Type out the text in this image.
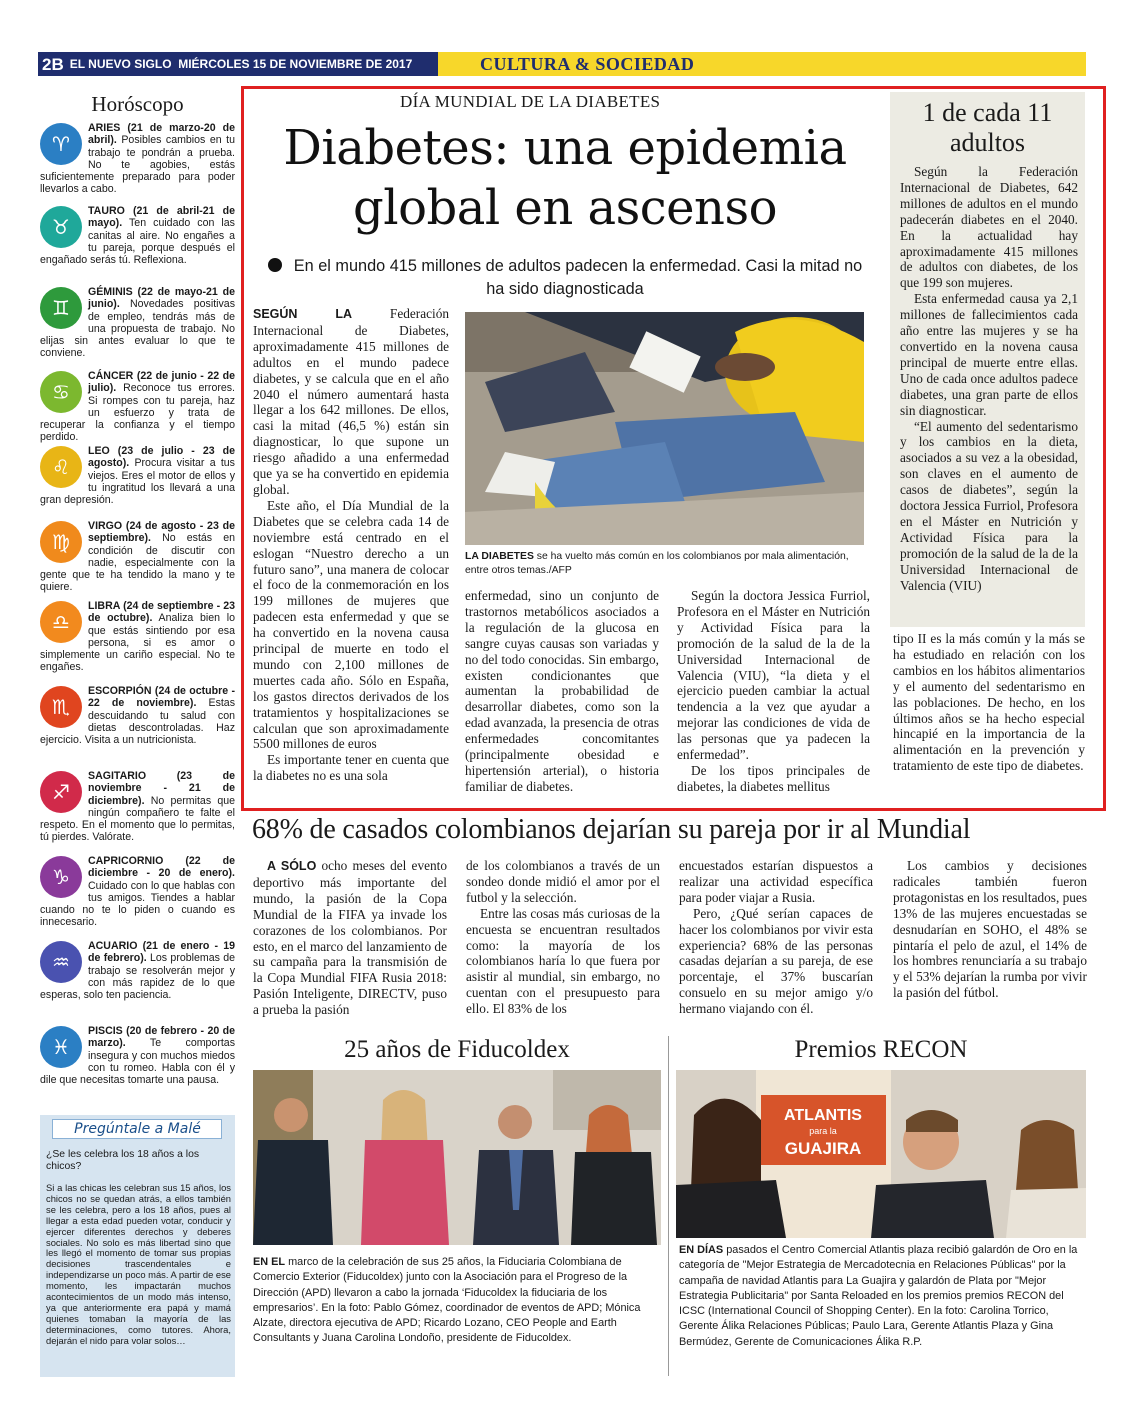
2B EL NUEVO SIGLO MIÉRCOLES 15 DE NOVIEMBRE DE 2017	CULTURA & SOCIEDAD
Horóscopo
♈
ARIES (21 de marzo-20 de abril). Posibles cambios en tu trabajo te pondrán a prueba. No te agobies, estás suficientemente preparado para poder llevarlos a cabo.
♉
TAURO (21 de abril-21 de mayo). Ten cuidado con las canitas al aire. No engañes a tu pareja, porque después el engañado serás tú. Reflexiona.
♊
GÉMINIS (22 de mayo-21 de junio). Novedades positivas de empleo, tendrás más de una propuesta de trabajo. No elijas sin antes evaluar lo que te conviene.
♋
CÁNCER (22 de junio - 22 de julio). Reconoce tus errores. Si rompes con tu pareja, haz un esfuerzo y trata de recuperar la confianza y el tiempo perdido.
♌
LEO (23 de julio - 23 de agosto). Procura visitar a tus viejos. Eres el motor de ellos y tu ingratitud los llevará a una gran depresión.
♍
VIRGO (24 de agosto - 23 de septiembre). No estás en condición de discutir con nadie, especialmente con la gente que te ha tendido la mano y te quiere.
♎
LIBRA (24 de septiembre - 23 de octubre). Analiza bien lo que estás sintiendo por esa persona, si es amor o simplemente un cariño especial. No te engañes.
♏
ESCORPIÓN (24 de octubre - 22 de noviembre). Estas descuidando tu salud con dietas descontroladas. Haz ejercicio. Visita a un nutricionista.
♐
SAGITARIO (23 de noviembre - 21 de diciembre). No permitas que ningún compañero te falte el respeto. En el momento que lo permitas, tú pierdes. Valórate.
♑
CAPRICORNIO (22 de diciembre - 20 de enero). Cuidado con lo que hablas con tus amigos. Tiendes a hablar cuando no te lo piden o cuando es innecesario.
♒
ACUARIO (21 de enero - 19 de febrero). Los problemas de trabajo se resolverán mejor y con más rapidez de lo que esperas, solo ten paciencia.
♓
PISCIS (20 de febrero - 20 de marzo). Te comportas insegura y con muchos miedos con tu romeo. Habla con él y dile que necesitas tomarte una pausa.
Pregúntale a Malé
¿Se les celebra los 18 años a los chicos?
Si a las chicas les celebran sus 15 años, los chicos no se quedan atrás, a ellos también se les celebra, pero a los 18 años, pues al llegar a esta edad pueden votar, conducir y ejercer diferentes derechos y deberes sociales. No solo es más libertad sino que les llegó el momento de tomar sus propias decisiones trascendentales e independizarse un poco más. A partir de ese momento, les impactarán muchos acontecimientos de un modo más intenso, ya que anteriormente era papá y mamá quienes tomaban la mayoría de las determinaciones, como tutores. Ahora, dejarán el nido para volar solos…
DÍA MUNDIAL DE LA DIABETES
Diabetes: una epidemia global en ascenso
En el mundo 415 millones de adultos padecen la enfermedad. Casi la mitad no ha sido diagnosticada

SEGÚN LA Federación Internacional de Diabetes, aproximadamente 415 millones de adultos en el mundo padece diabetes, y se calcula que en el año 2040 el número aumentará hasta llegar a los 642 millones. De ellos, casi la mitad (46,5 %) están sin diagnosticar, lo que supone un riesgo añadido a una enfermedad que ya se ha convertido en epidemia global.

Este año, el Día Mundial de la Diabetes que se celebra cada 14 de noviembre está centrado en el eslogan “Nuestro derecho a un futuro sano”, una manera de colocar el foco de la conmemoración en los 199 millones de mujeres que padecen esta enfermedad y que se ha convertido en la novena causa principal de muerte en todo el mundo con 2,100 millones de muertes cada año. Sólo en España, los gastos directos derivados de los tratamientos y hospitalizaciones se calculan que son aproximadamente 5500 millones de euros

Es importante tener en cuenta que la diabetes no es una sola

LA DIABETES se ha vuelto más común en los colombianos por mala alimentación, entre otros temas./AFP

enfermedad, sino un conjunto de trastornos metabólicos asociados a la regulación de la glucosa en sangre cuyas causas son variadas y no del todo conocidas. Sin embargo, existen condicionantes que aumentan la probabilidad de desarrollar diabetes, como son la edad avanzada, la presencia de otras enfermedades concomitantes (principalmente obesidad e hipertensión arterial), o historia familiar de diabetes.

Según la doctora Jessica Furriol, Profesora en el Máster en Nutrición y Actividad Física para la promoción de la salud de la de la Universidad Internacional de Valencia (VIU), “la dieta y el ejercicio pueden cambiar la actual tendencia a la vez que ayudar a mejorar las condiciones de vida de las personas que ya padecen la enfermedad”.

De los tipos principales de diabetes, la diabetes mellitus

1 de cada 11 adultos

Según la Federación Internacional de Diabetes, 642 millones de adultos en el mundo padecerán diabetes en el 2040. En la actualidad hay aproximadamente 415 millones de adultos con diabetes, de los que 199 son mujeres.

Esta enfermedad causa ya 2,1 millones de fallecimientos cada año entre las mujeres y se ha convertido en la novena causa principal de muerte entre ellas. Uno de cada once adultos padece diabetes, una gran parte de ellos sin diagnosticar.

“El aumento del sedentarismo y los cambios en la dieta, asociados a su vez a la obesidad, son claves en el aumento de casos de diabetes”, según la doctora Jessica Furriol, Profesora en el Máster en Nutrición y Actividad Física para la promoción de la salud de la de la Universidad Internacional de Valencia (VIU)

tipo II es la más común y la más se ha estudiado en relación con los cambios en los hábitos alimentarios y el aumento del sedentarismo en las poblaciones. De hecho, en los últimos años se ha hecho especial hincapié en la importancia de la alimentación en la prevención y tratamiento de este tipo de diabetes.

68% de casados colombianos dejarían su pareja por ir al Mundial

A SÓLO ocho meses del evento deportivo más importante del mundo, la pasión de la Copa Mundial de la FIFA ya invade los corazones de los colombianos. Por esto, en el marco del lanzamiento de su campaña para la transmisión de la Copa Mundial FIFA Rusia 2018: Pasión Inteligente, DIRECTV, puso a prueba la pasión

de los colombianos a través de un sondeo donde midió el amor por el futbol y la selección.

Entre las cosas más curiosas de la encuesta se encuentran resultados como: la mayoría de los colombianos haría lo que fuera por asistir al mundial, sin embargo, no cuentan con el presupuesto para ello. El 83% de los

encuestados estarían dispuestos a realizar una actividad específica para poder viajar a Rusia.

Pero, ¿Qué serían capaces de hacer los colombianos por vivir esta experiencia? 68% de las personas casadas dejarían a su pareja, de ese porcentaje, el 37% buscarían consuelo en su mejor amigo y/o hermano viajando con él.

Los cambios y decisiones radicales también fueron protagonistas en los resultados, pues 13% de las mujeres encuestadas se desnudarían en SOHO, el 48% se pintaría el pelo de azul, el 14% de los hombres renunciaría a su trabajo y el 53% dejarían la rumba por vivir la pasión del fútbol.

25 años de Fiducoldex
EN EL marco de la celebración de sus 25 años, la Fiduciaria Colombiana de Comercio Exterior (Fiducoldex) junto con la Asociación para el Progreso de la Dirección (APD) llevaron a cabo la jornada ‘Fiducoldex la fiduciaria de los empresarios’. En la foto: Pablo Gómez, coordinador de eventos de APD; Mónica Alzate, directora ejecutiva de APD; Ricardo Lozano, CEO People and Earth Consultants y Juana Carolina Londoño, presidente de Fiducoldex.
Premios RECON
ATLANTIS
para la
GUAJIRA
EN DÍAS pasados el Centro Comercial Atlantis plaza recibió galardón de Oro en la categoría de "Mejor Estrategia de Mercadotecnia en Relaciones Públicas" por la campaña de navidad Atlantis para La Guajira y galardón de Plata por "Mejor Estrategia Publicitaria" por Santa Reloaded en los premios premios RECON del ICSC (International Council of Shopping Center). En la foto: Carolina Torrico, Gerente Álika Relaciones Públicas; Paulo Lara, Gerente Atlantis Plaza y Gina Bermúdez, Gerente de Comunicaciones Álika R.P.
